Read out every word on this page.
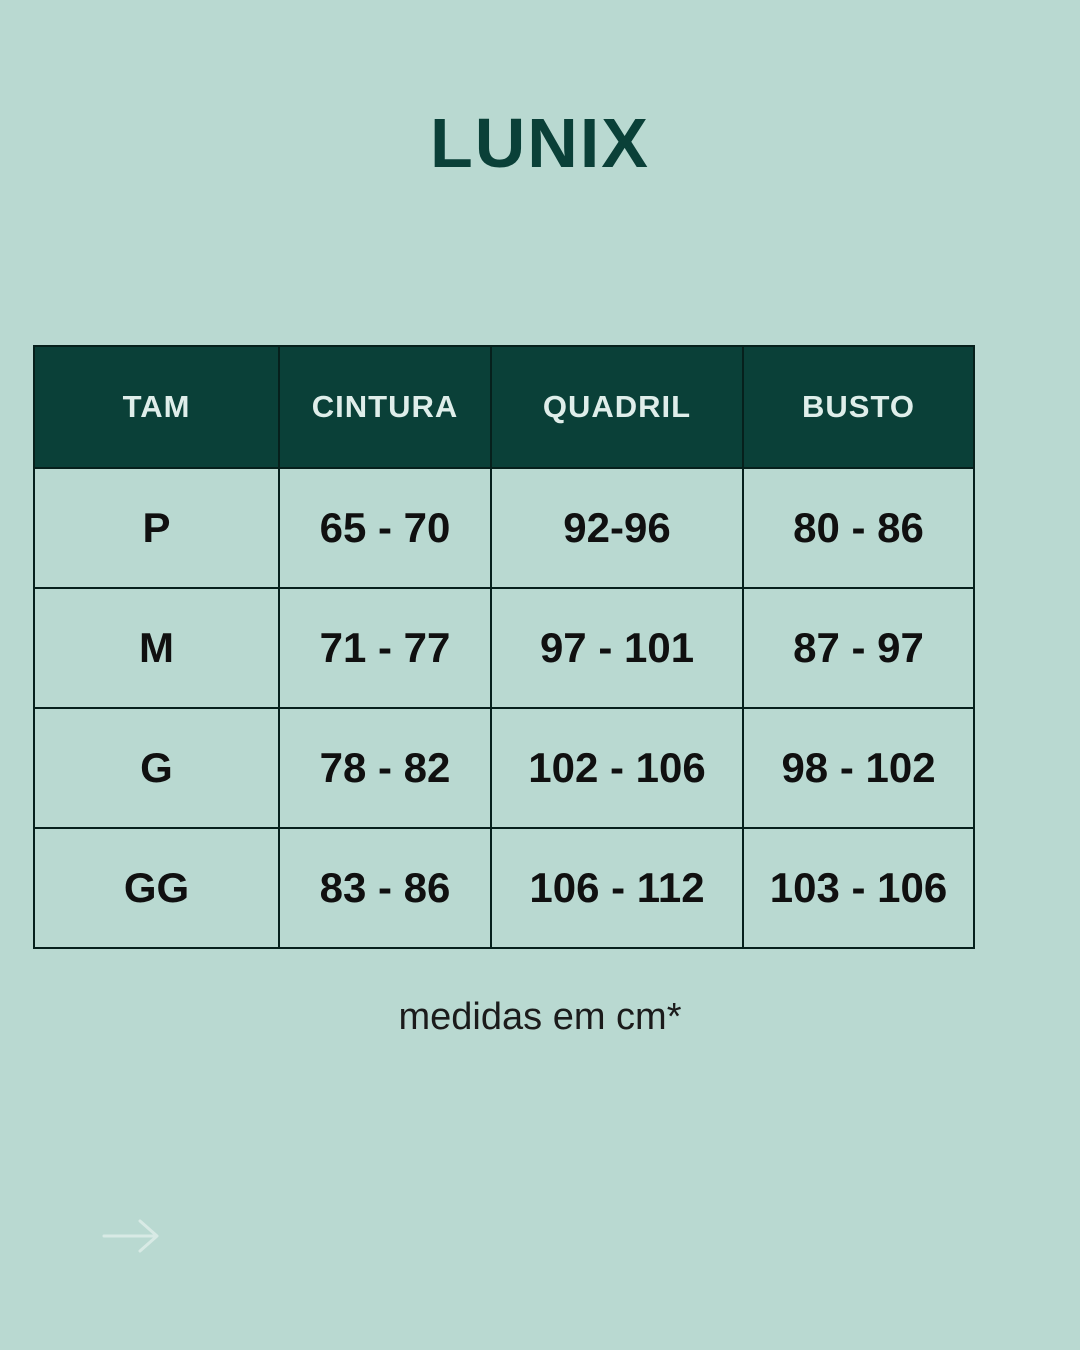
LUNIX
TAM	CINTURA	QUADRIL	BUSTO
P	65 - 70	92-96	80 - 86
M	71 - 77	97 - 101	87 - 97
G	78 - 82	102 - 106	98 - 102
GG	83 - 86	106 - 112	103 - 106
medidas em cm*
